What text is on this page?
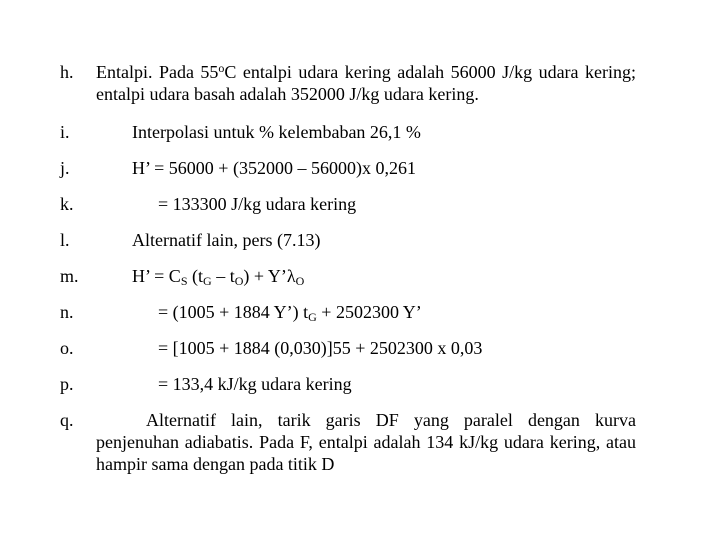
h. Entalpi. Pada 55$^o$C entalpi udara kering adalah 56000 J/kg udara kering; entalpi udara basah adalah 352000 J/kg udara kering.
i.	Interpolasi untuk % kelembaban 26,1 %
j.	H’ = 56000 + (352000 – 56000)x 0,261
k.	= 133300 J/kg udara kering
l.	Alternatif lain, pers (7.13)
m.	H’ = $C_S$ $(t_G - t_O)$ + $Y’\lambda_O$
n.	= (1005 + 1884 Y’) $t_G + 2502300$ Y’
o.	= [1005 + 1884 (0,030)]55 + 2502300 x 0,03
p.	= 133,4 kJ/kg udara kering
q.	Alternatif lain, tarik garis DF yang paralel dengan kurva penjenuhan adiabatis. Pada F, entalpi adalah 134 kJ/kg udara kering, atau hampir sama dengan pada titik D
